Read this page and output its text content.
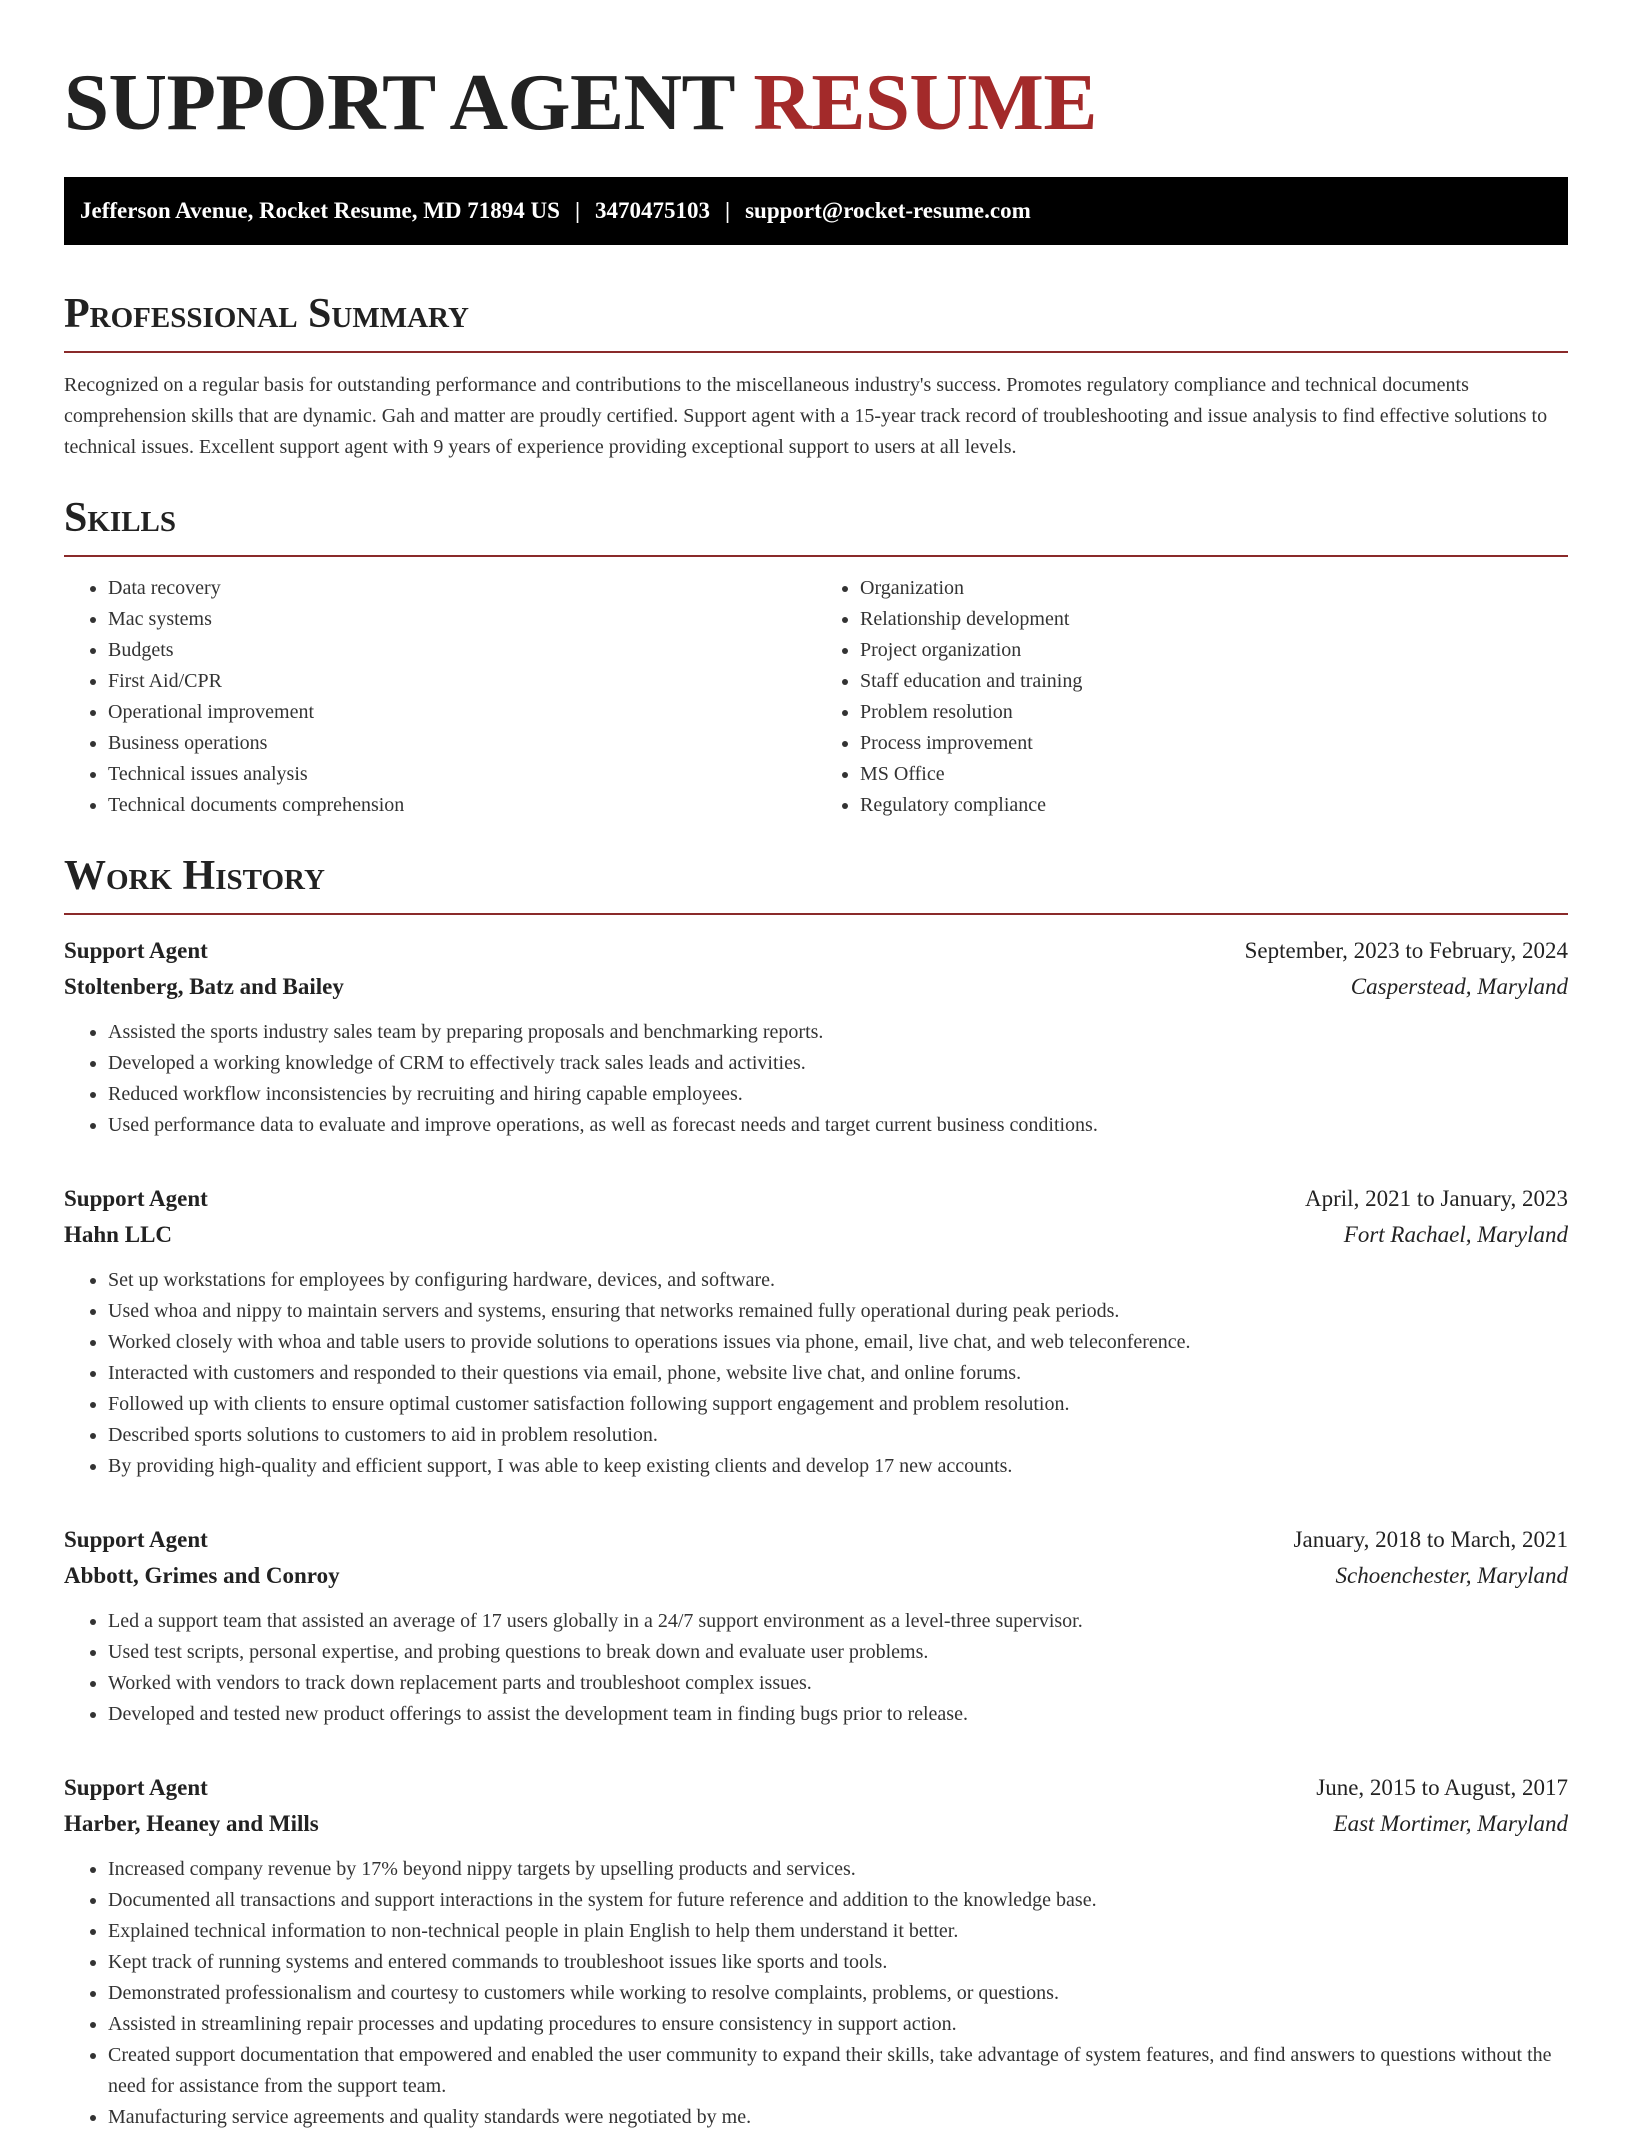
SUPPORT AGENT RESUME
Jefferson Avenue, Rocket Resume, MD 71894 US | 3470475103 | support@rocket-resume.com
Professional Summary

Recognized on a regular basis for outstanding performance and contributions to the miscellaneous industry's success. Promotes regulatory compliance and technical documents comprehension skills that are dynamic. Gah and matter are proudly certified. Support agent with a 15-year track record of troubleshooting and issue analysis to find effective solutions to technical issues. Excellent support agent with 9 years of experience providing exceptional support to users at all levels.

Skills
• Data recovery
• Mac systems
• Budgets
• First Aid/CPR
• Operational improvement
• Business operations
• Technical issues analysis
• Technical documents comprehension
• Organization
• Relationship development
• Project organization
• Staff education and training
• Problem resolution
• Process improvement
• MS Office
• Regulatory compliance
Work History
Support Agent	September, 2023 to February, 2024
Stoltenberg, Batz and Bailey	Casperstead, Maryland
• Assisted the sports industry sales team by preparing proposals and benchmarking reports.
• Developed a working knowledge of CRM to effectively track sales leads and activities.
• Reduced workflow inconsistencies by recruiting and hiring capable employees.
• Used performance data to evaluate and improve operations, as well as forecast needs and target current business conditions.
Support Agent	April, 2021 to January, 2023
Hahn LLC	Fort Rachael, Maryland
• Set up workstations for employees by configuring hardware, devices, and software.
• Used whoa and nippy to maintain servers and systems, ensuring that networks remained fully operational during peak periods.
• Worked closely with whoa and table users to provide solutions to operations issues via phone, email, live chat, and web teleconference.
• Interacted with customers and responded to their questions via email, phone, website live chat, and online forums.
• Followed up with clients to ensure optimal customer satisfaction following support engagement and problem resolution.
• Described sports solutions to customers to aid in problem resolution.
• By providing high-quality and efficient support, I was able to keep existing clients and develop 17 new accounts.
Support Agent	January, 2018 to March, 2021
Abbott, Grimes and Conroy	Schoenchester, Maryland
• Led a support team that assisted an average of 17 users globally in a 24/7 support environment as a level-three supervisor.
• Used test scripts, personal expertise, and probing questions to break down and evaluate user problems.
• Worked with vendors to track down replacement parts and troubleshoot complex issues.
• Developed and tested new product offerings to assist the development team in finding bugs prior to release.
Support Agent	June, 2015 to August, 2017
Harber, Heaney and Mills	East Mortimer, Maryland
• Increased company revenue by 17% beyond nippy targets by upselling products and services.
• Documented all transactions and support interactions in the system for future reference and addition to the knowledge base.
• Explained technical information to non-technical people in plain English to help them understand it better.
• Kept track of running systems and entered commands to troubleshoot issues like sports and tools.
• Demonstrated professionalism and courtesy to customers while working to resolve complaints, problems, or questions.
• Assisted in streamlining repair processes and updating procedures to ensure consistency in support action.
• Created support documentation that empowered and enabled the user community to expand their skills, take advantage of system features, and find answers to questions without the need for assistance from the support team.
• Manufacturing service agreements and quality standards were negotiated by me.
